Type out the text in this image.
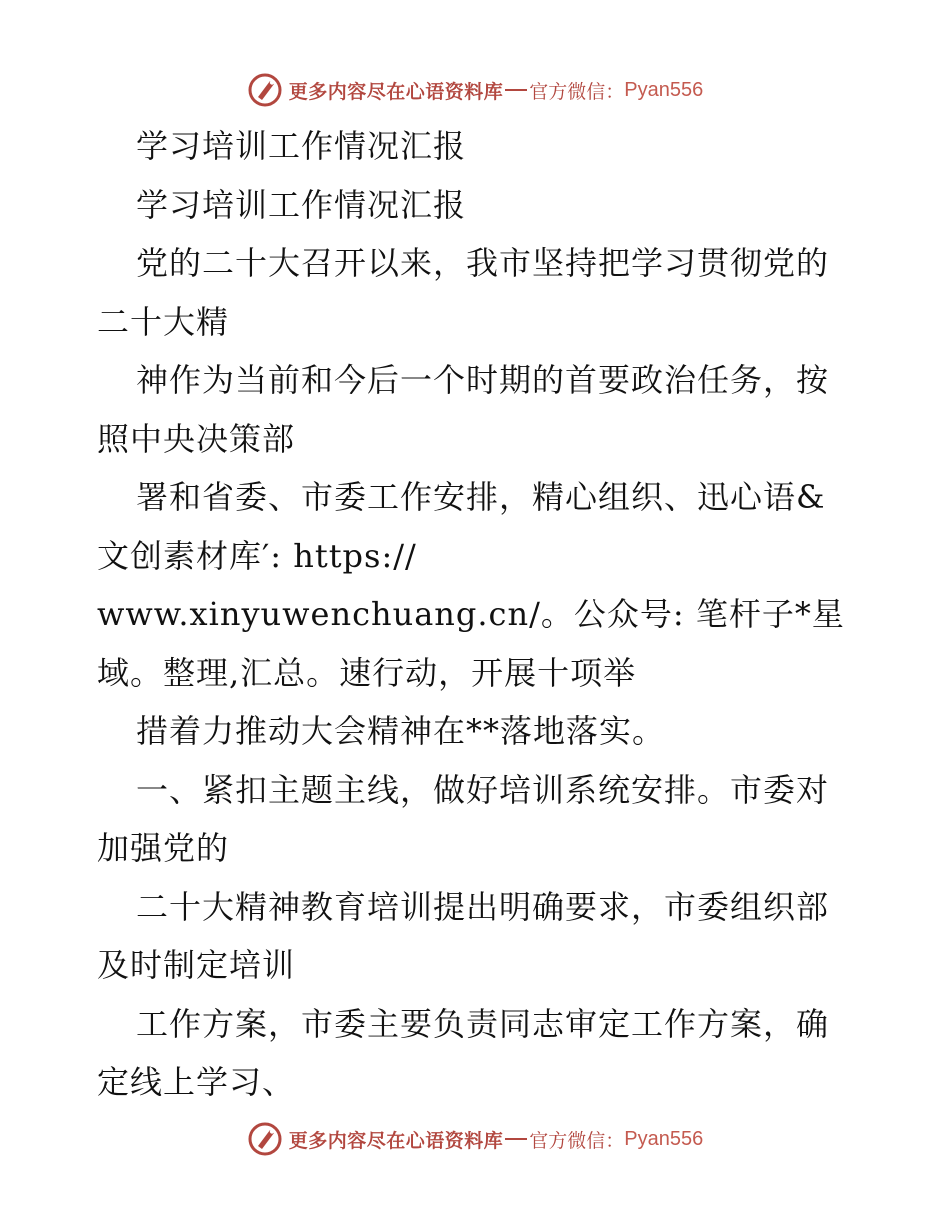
更多内容尽在心语资料库 官方微信： Pyan556
学习培训工作情况汇报
学习培训工作情况汇报
党的二十大召开以来，我市坚持把学习贯彻党的
二十大精
神作为当前和今后一个时期的首要政治任务，按
照中央决策部
署和省委、市委工作安排，精心组织、迅心语&
文创素材库′: https://
www.xinyuwenchuang.cn/。公众号: 笔杆子*星
域。整理,汇总。速行动，开展十项举
措着力推动大会精神在**落地落实。
一、紧扣主题主线，做好培训系统安排。市委对
加强党的
二十大精神教育培训提出明确要求，市委组织部
及时制定培训
工作方案，市委主要负责同志审定工作方案，确
定线上学习、
更多内容尽在心语资料库 官方微信： Pyan556
